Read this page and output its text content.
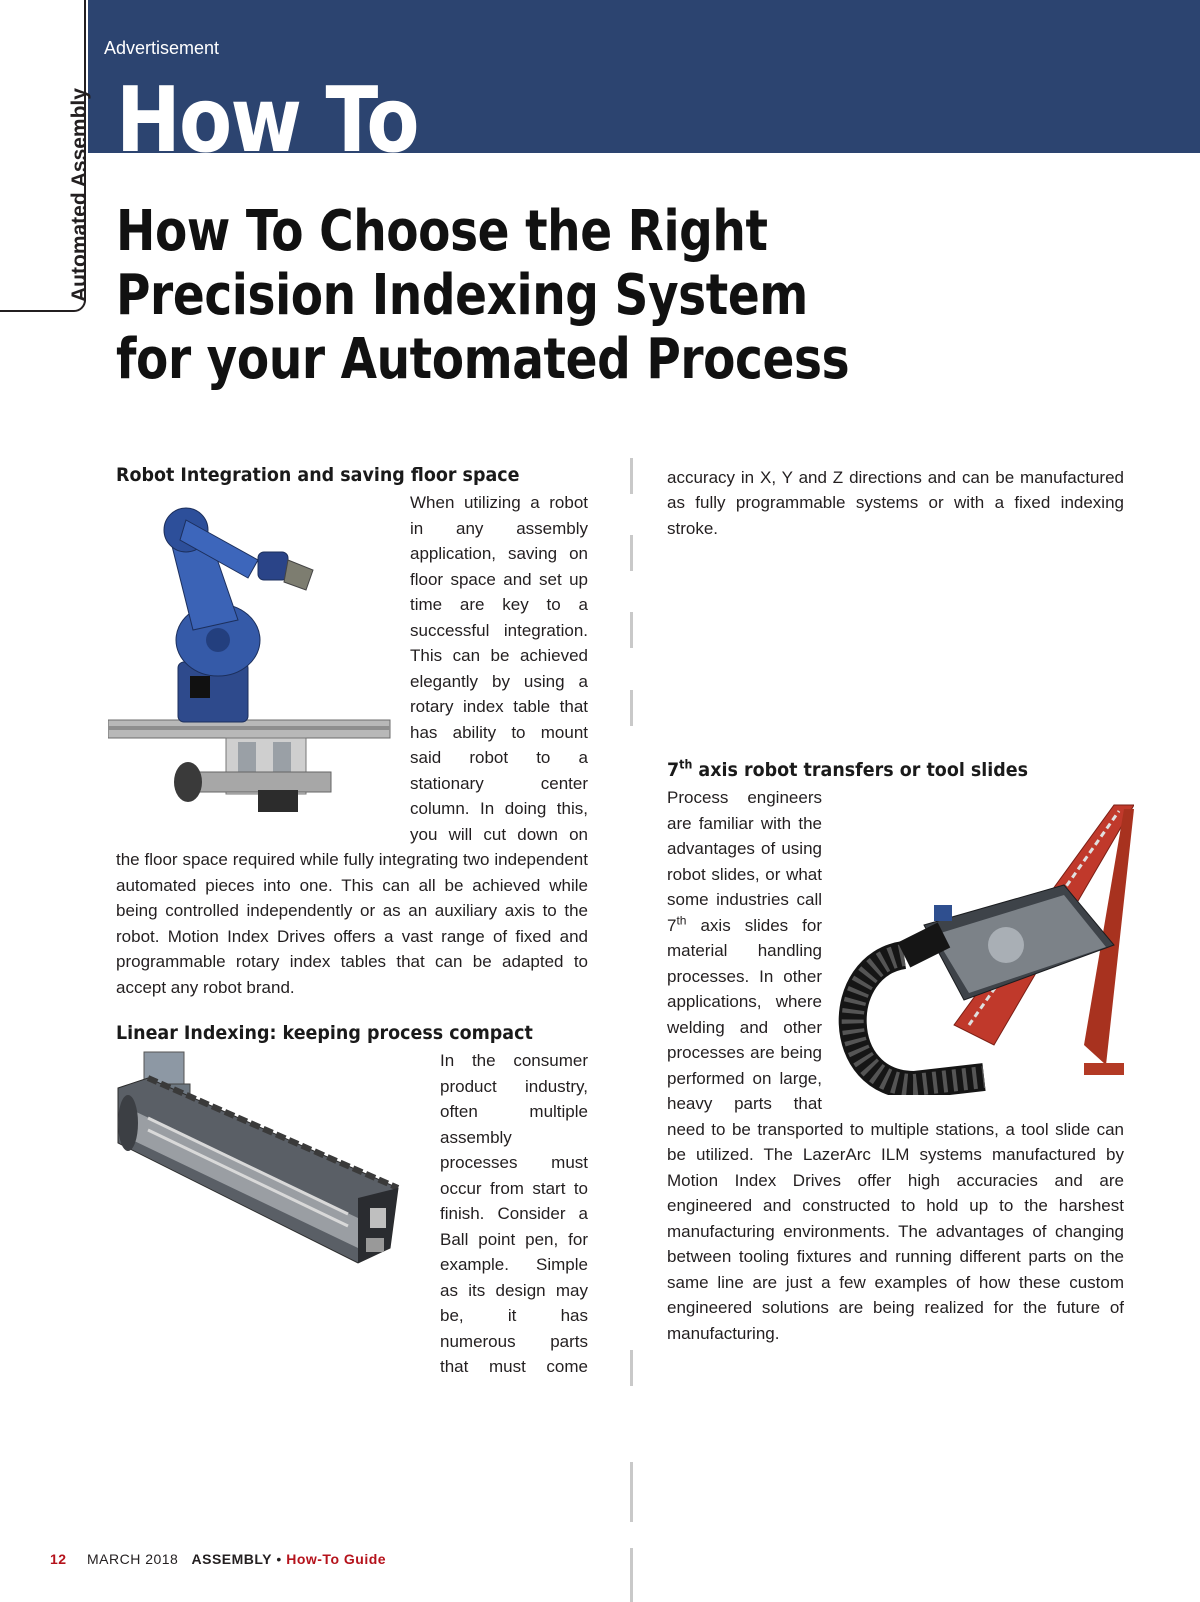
Advertisement
How To
Automated Assembly How To Choose the Right
Precision Indexing System
for your Automated Process
Robot Integration and saving floor space

When utilizing a robot in any assembly application, saving on floor space and set up time are key to a successful integration. This can be achieved elegantly by using a rotary index table that has ability to mount said robot to a stationary center column. In doing this, you will cut down on the floor space required while fully integrating two independent automated pieces into one. This can all be achieved while being controlled independently or as an auxiliary axis to the robot. Motion Index Drives offers a vast range of fixed and programmable rotary index tables that can be adapted to accept any robot brand.

Linear Indexing: keeping process compact

In the consumer product industry, often multiple assembly processes must occur from start to finish. Consider a Ball point pen, for example. Simple as its design may be, it has numerous parts that must come

accuracy in X, Y and Z directions and can be manufactured as fully programmable systems or with a fixed indexing stroke.

7th axis robot transfers or tool slides

Process engineers are familiar with the advantages of using robot slides, or what some industries call 7th axis slides for material handling processes. In other applications, where welding and other processes are being performed on large, heavy parts that need to be transported to multiple stations, a tool slide can be utilized. The LazerArc ILM systems manufactured by Motion Index Drives offer high accuracies and are engineered and constructed to hold up to the harshest manufacturing environments. The advantages of changing between tooling fixtures and running different parts on the same line are just a few examples of how these custom engineered solutions are being realized for the future of manufacturing.

12 MARCH 2018 ASSEMBLY • How-To Guide
